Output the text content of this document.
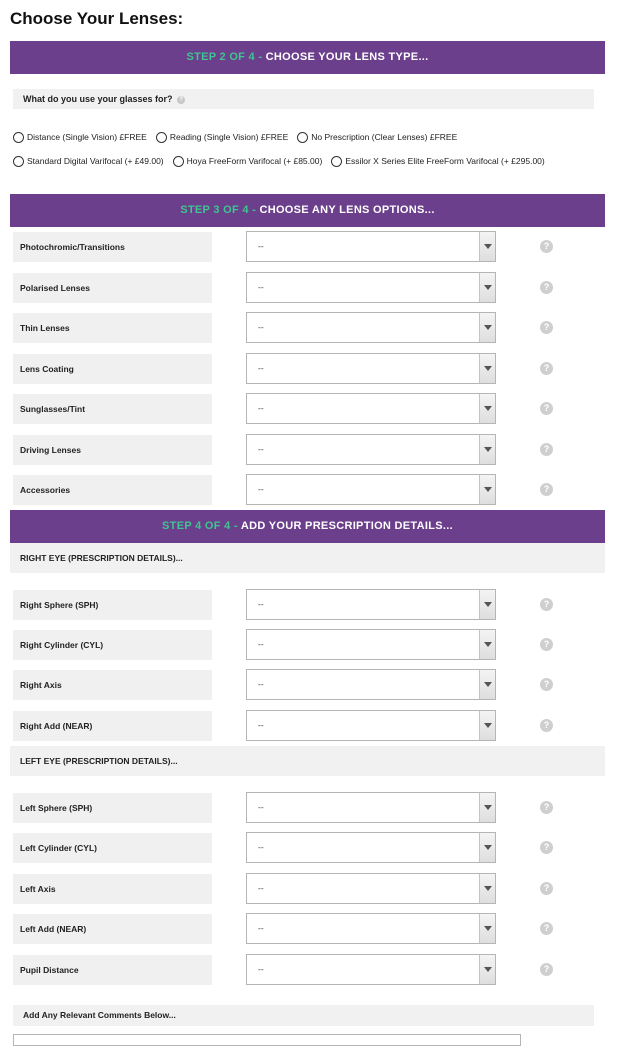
Choose Your Lenses:
STEP 2 OF 4 - CHOOSE YOUR LENS TYPE...
What do you use your glasses for? ?
Distance (Single Vision) £FREE	Reading (Single Vision) £FREE	No Prescription (Clear Lenses) £FREE
Standard Digital Varifocal (+ £49.00)	Hoya FreeForm Varifocal (+ £85.00)	Essilor X Series Elite FreeForm Varifocal (+ £295.00)
STEP 3 OF 4 - CHOOSE ANY LENS OPTIONS...
Photochromic/Transitions	--	?
Polarised Lenses	--	?
Thin Lenses	--	?
Lens Coating	--	?
Sunglasses/Tint	--	?
Driving Lenses	--	?
Accessories	--	?
STEP 4 OF 4 - ADD YOUR PRESCRIPTION DETAILS...
RIGHT EYE (PRESCRIPTION DETAILS)...
Right Sphere (SPH)	--	?
Right Cylinder (CYL)	--	?
Right Axis	--	?
Right Add (NEAR)	--	?
LEFT EYE (PRESCRIPTION DETAILS)...
Left Sphere (SPH)	--	?
Left Cylinder (CYL)	--	?
Left Axis	--	?
Left Add (NEAR)	--	?
Pupil Distance	--	?
Add Any Relevant Comments Below...
